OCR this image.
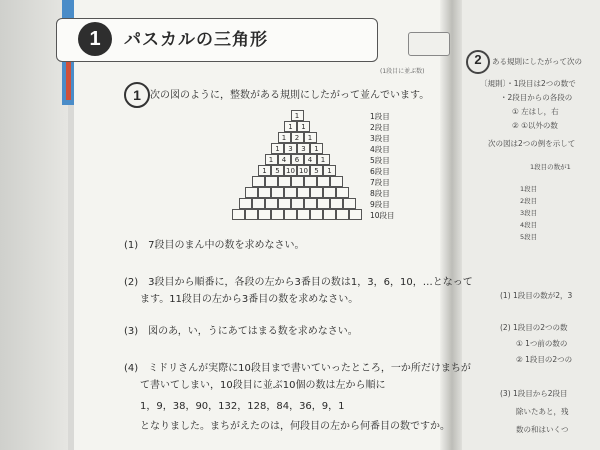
1	パスカルの三角形
(1段目に並ぶ数)
1 次の図のように，整数がある規則にしたがって並んでいます。
1	1段目
1	1	2段目
1	2	1	3段目
1	3	3	1	4段目
1	4	6	4	1	5段目
1	5 10 10 5	1	6段目
7段目
8段目
9段目
10段目
(1)　 7段目のまん中の数を求めなさい。
(2)　 3段目から順番に，各段の左から3番目の数は1，3，6，10，…となって
ます。11段目の左から3番目の数を求めなさい。
(3)　 図のあ，い，うにあてはまる数を求めなさい。
(4)　 ミドリさんが実際に10段目まで書いていったところ，一か所だけまちが
て書いてしまい，10段目に並ぶ10個の数は左から順に
1，9，38，90，132，128，84，36，9，1
となりました。まちがえたのは，何段目の左から何番目の数ですか。
2	ある規則にしたがって次の
〔規則〕・1段目は2つの数で
・2段目からの各段の
① 左はし，右
② ①以外の数
次の図は2つの例を示して
1段目の数が1
1段目
2段目
3段目
4段目
5段目
(1) 1段目の数が2，3
(2) 1段目の2つの数
① 1つ前の数の
② 1段目の2つの
(3) 1段目から2段目
除いたあと，残
数の和はいくつ
